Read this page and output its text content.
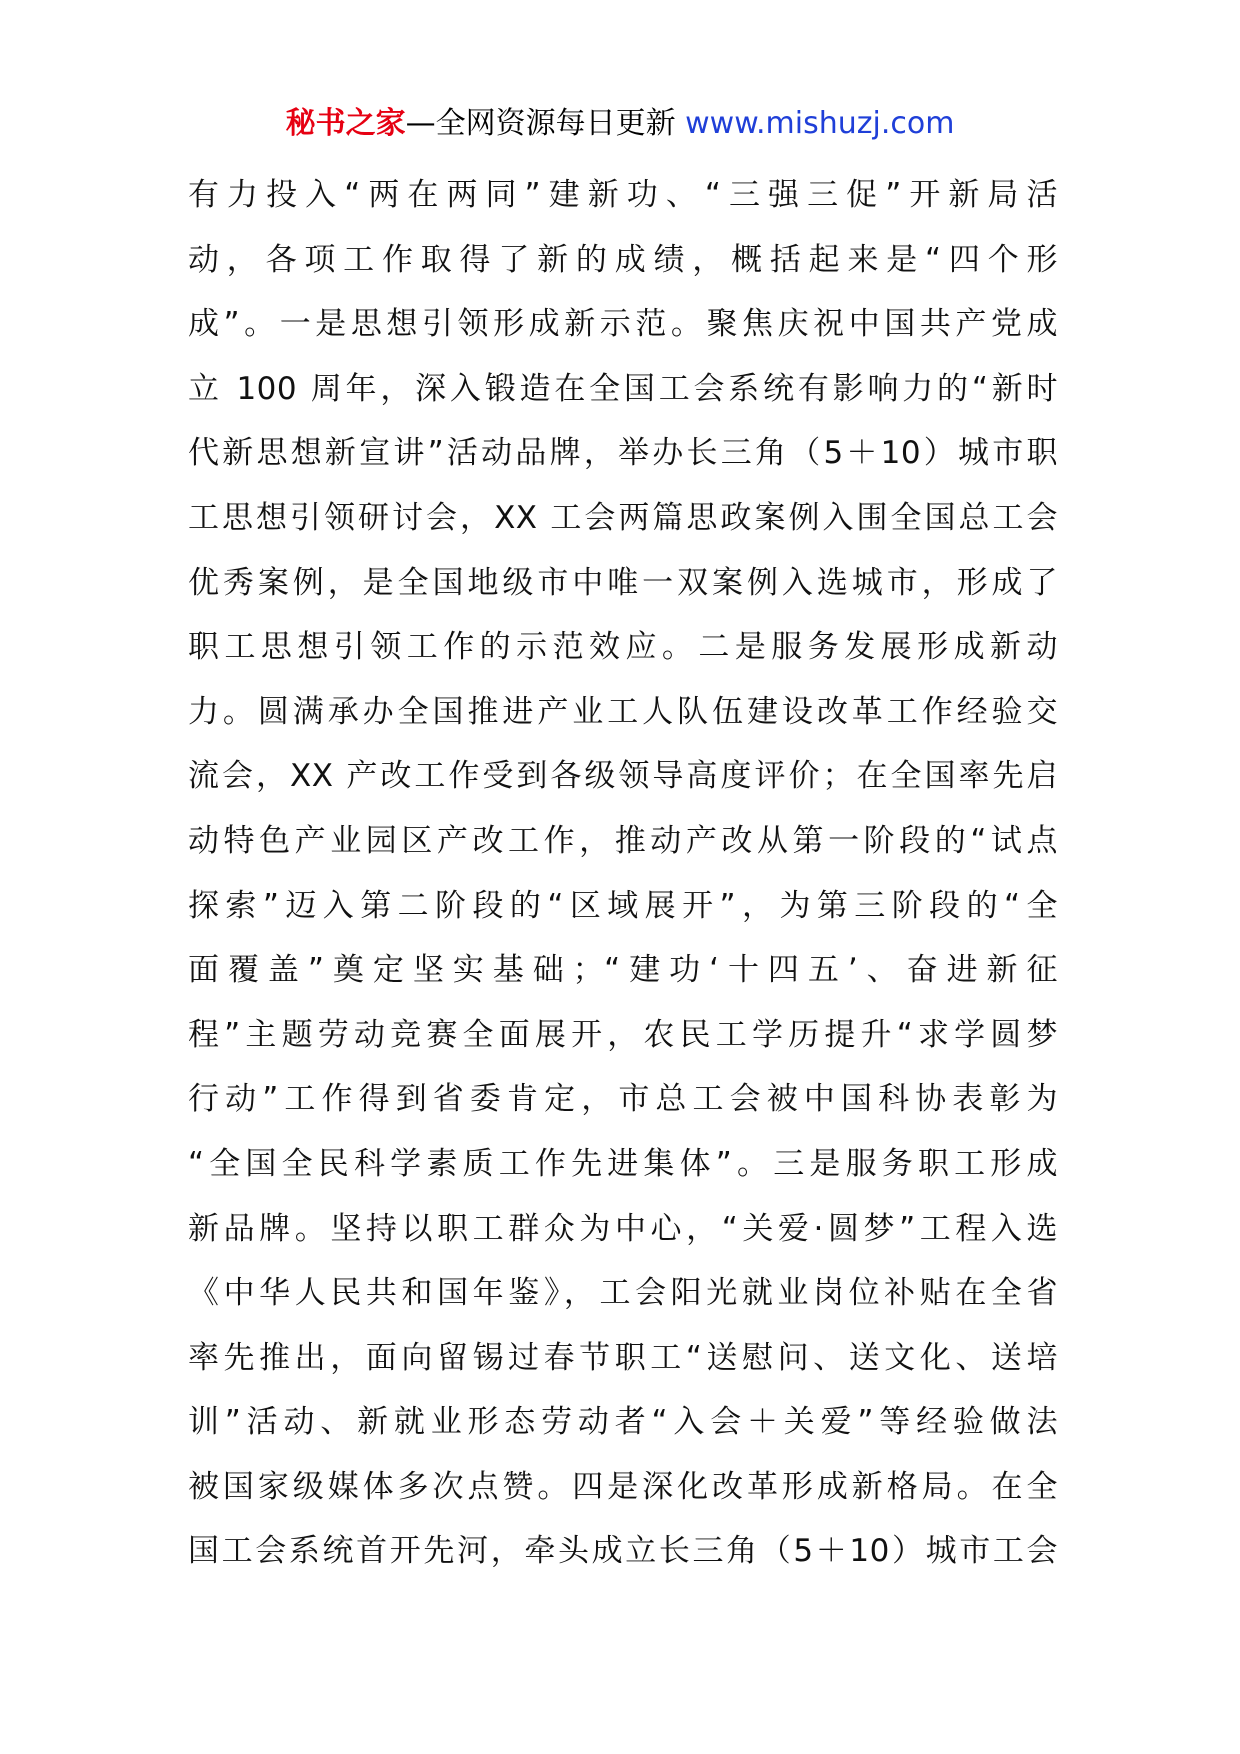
秘书之家—全网资源每日更新 www.mishuzj.com
有力投入“两在两同”建新功、“三强三促”开新局活
动，各项工作取得了新的成绩，概括起来是“四个形
成”。一是思想引领形成新示范。聚焦庆祝中国共产党成
立 100 周年，深入锻造在全国工会系统有影响力的“新时
代新思想新宣讲”活动品牌，举办长三角（5＋10）城市职
工思想引领研讨会，XX 工会两篇思政案例入围全国总工会
优秀案例，是全国地级市中唯一双案例入选城市，形成了
职工思想引领工作的示范效应。二是服务发展形成新动
力。圆满承办全国推进产业工人队伍建设改革工作经验交
流会，XX 产改工作受到各级领导高度评价；在全国率先启
动特色产业园区产改工作，推动产改从第一阶段的“试点
探索”迈入第二阶段的“区域展开”，为第三阶段的“全
面覆盖”奠定坚实基础；“建功‘十四五’、奋进新征
程”主题劳动竞赛全面展开，农民工学历提升“求学圆梦
行动”工作得到省委肯定，市总工会被中国科协表彰为
“全国全民科学素质工作先进集体”。三是服务职工形成
新品牌。坚持以职工群众为中心，“关爱·圆梦”工程入选
《中华人民共和国年鉴》，工会阳光就业岗位补贴在全省
率先推出，面向留锡过春节职工“送慰问、送文化、送培
训”活动、新就业形态劳动者“入会＋关爱”等经验做法
被国家级媒体多次点赞。四是深化改革形成新格局。在全
国工会系统首开先河，牵头成立长三角（5＋10）城市工会
